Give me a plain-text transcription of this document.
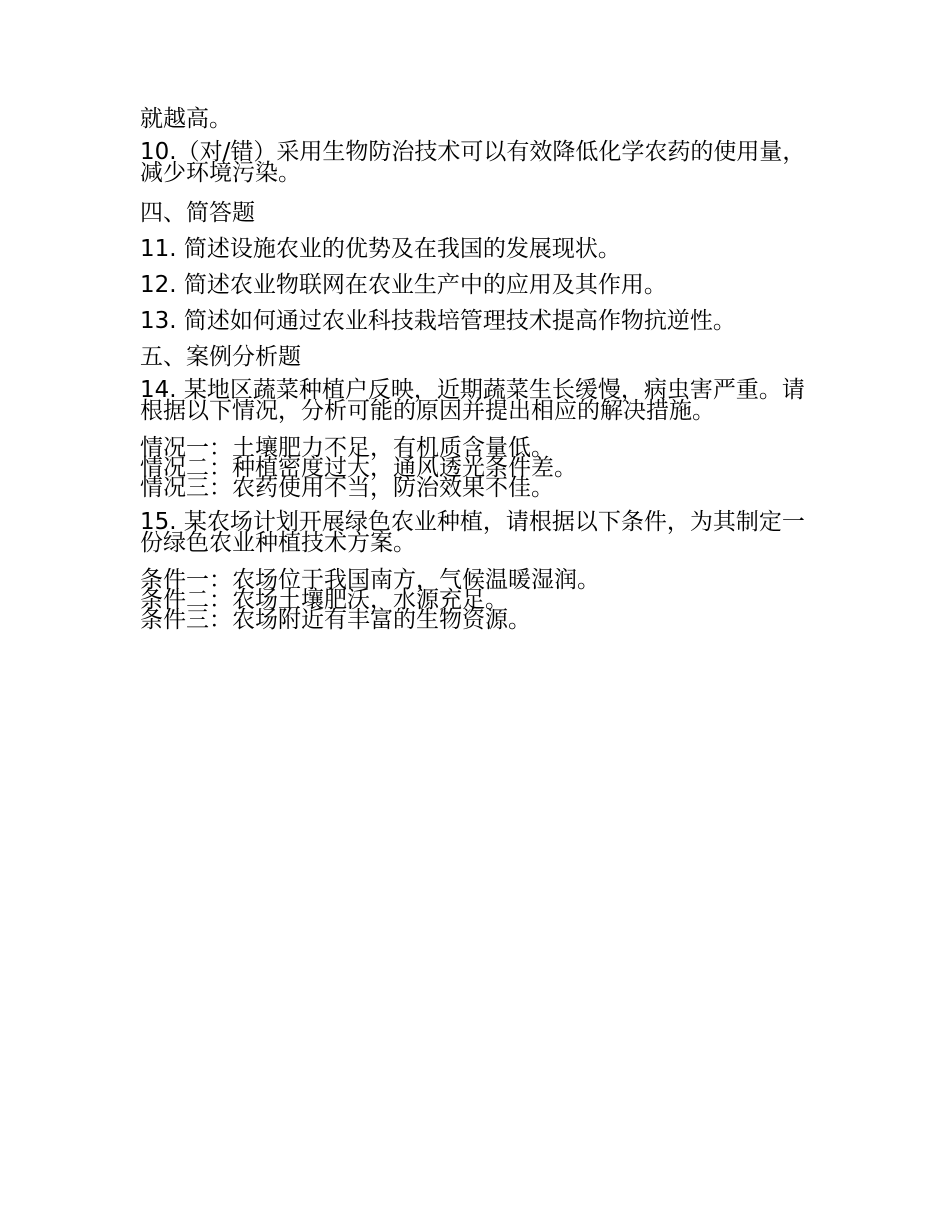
就越高。

10.（对/错）采用生物防治技术可以有效降低化学农药的使用量，减少环境污染。

四、简答题

11. 简述设施农业的优势及在我国的发展现状。

12. 简述农业物联网在农业生产中的应用及其作用。

13. 简述如何通过农业科技栽培管理技术提高作物抗逆性。

五、案例分析题

14. 某地区蔬菜种植户反映，近期蔬菜生长缓慢，病虫害严重。请根据以下情况，分析可能的原因并提出相应的解决措施。

情况一：土壤肥力不足，有机质含量低。
情况二：种植密度过大，通风透光条件差。
情况三：农药使用不当，防治效果不佳。

15. 某农场计划开展绿色农业种植，请根据以下条件，为其制定一份绿色农业种植技术方案。

条件一：农场位于我国南方，气候温暖湿润。
条件二：农场土壤肥沃，水源充足。
条件三：农场附近有丰富的生物资源。
